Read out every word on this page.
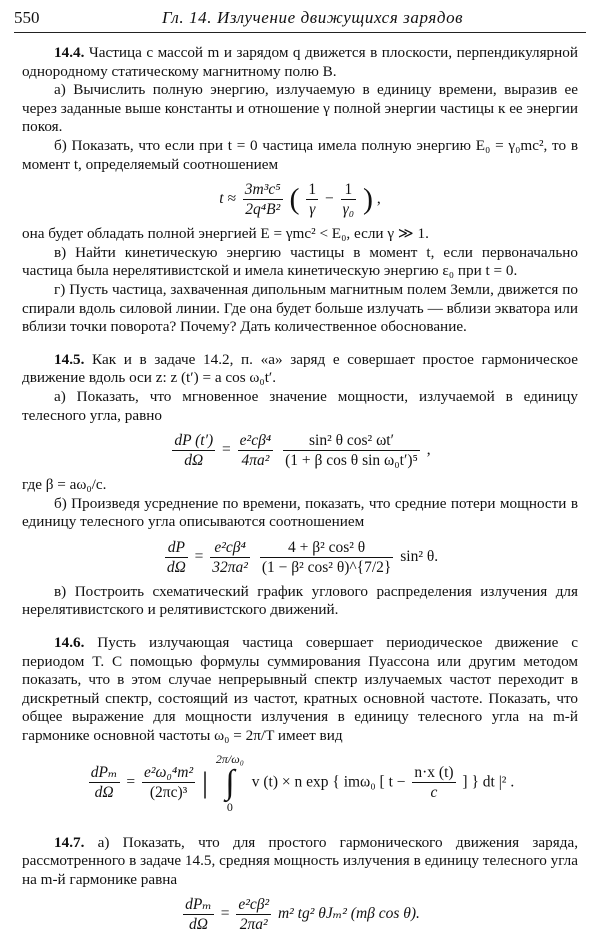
550	Гл. 14. Излучение движущихся зарядов

14.4. Частица с массой m и зарядом q движется в плоскости, перпендикулярной однородному статическому магнитному полю B.

а) Вычислить полную энергию, излучаемую в единицу времени, выразив ее через заданные выше константы и отношение γ полной энергии частицы к ее энергии покоя.

б) Показать, что если при t = 0 частица имела полную энергию E₀ = γ₀mc², то в момент t, определяемый соотношением

$t \approx \frac{\text{3m³c⁵}}{\text{2q⁴B²}}$ ( $\frac{1}{\gamma} - \frac{1}{\text{γ₀}}$ ) ,

она будет обладать полной энергией E = γmc² < E₀, если γ ≫ 1.

в) Найти кинетическую энергию частицы в момент t, если первоначально частица была нерелятивистской и имела кинетическую энергию ε₀ при t = 0.

г) Пусть частица, захваченная дипольным магнитным полем Земли, движется по спирали вдоль силовой линии. Где она будет больше излучать — вблизи экватора или вблизи точки поворота? Почему? Дать количественное обоснование.

14.5. Как и в задаче 14.2, п. «а» заряд e совершает простое гармоническое движение вдоль оси z: z (t′) = a cos ω₀t′.

а) Показать, что мгновенное значение мощности, излучаемой в единицу телесного угла, равно

$\frac{dP (t')}{d\Omega} = \frac{\text{e²cβ⁴}}{\text{4πa²}}$
$\frac{\text{sin² θ cos² ωt′}}{\text{(1 + β cos θ sin ω₀t′)⁵}}$ ,

где β = aω₀/c.

б) Произведя усреднение по времени, показать, что средние потери мощности в единицу телесного угла описываются соотношением

$\frac{dP}{d\Omega} = \frac{\text{e²cβ⁴}}{\text{32πa²}}$
$\frac{\text{4 + β² cos² θ}}{\text{(1 − β² cos² θ)\textasciicircum{}\{7/2\}}} \sin^2$ θ.

в) Построить схематический график углового распределения излучения для нерелятивистского и релятивистского движений.

14.6. Пусть излучающая частица совершает периодическое движение с периодом T. С помощью формулы суммирования Пуассона или другим методом показать, что в этом случае непрерывный спектр излучаемых частот переходит в дискретный спектр, состоящий из частот, кратных основной частоте. Показать, что общее выражение для мощности излучения в единицу телесного угла на m-й гармонике основной частоты ω₀ = 2π/T имеет вид

$\frac{\text{dPₘ}}{d\Omega} = \frac{\text{e²ω₀⁴m²}}{\text{(2πc)³}}$ | 2π/ω₀
∫
0 v (t) × n exp { imω₀ [ $t - \frac{n\cdot x (t)}{c}$ ] } dt |² .

14.7. а) Показать, что для простого гармонического движения заряда, рассмотренного в задаче 14.5, средняя мощность излучения в единицу телесного угла на m-й гармонике равна

$\frac{\text{dPₘ}}{d\Omega} = \frac{\text{e²cβ²}}{\text{2πa²}} m^2$ tg² θJₘ² (mβ cos θ).
